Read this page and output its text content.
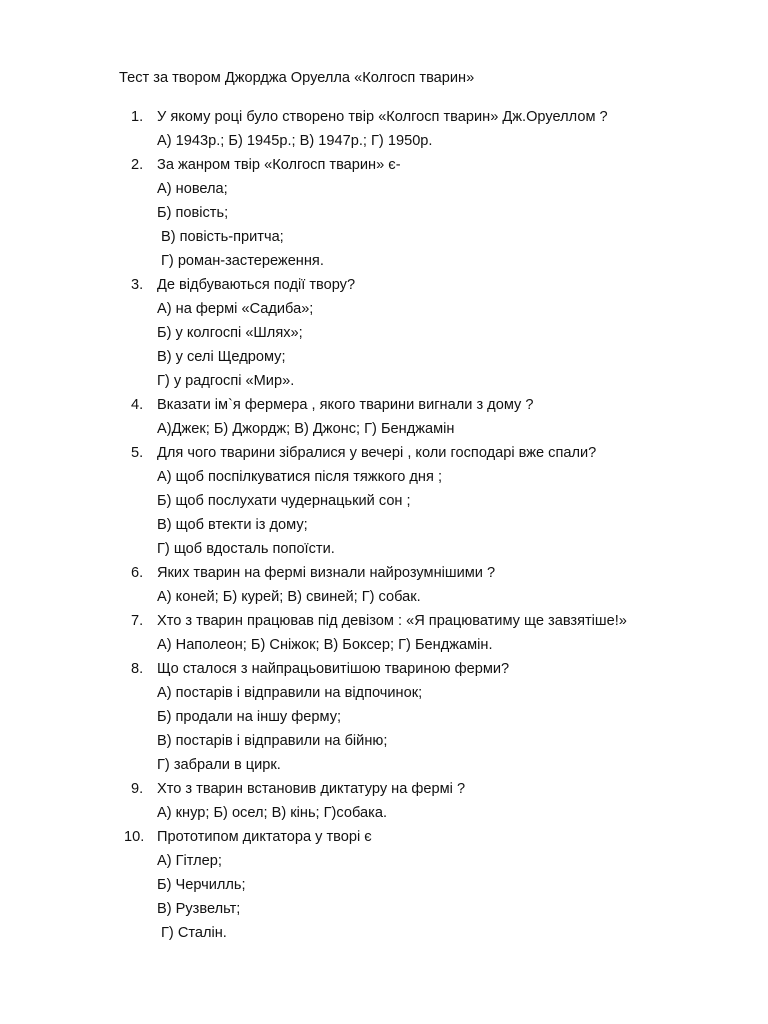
Тест за твором Джорджа Оруелла «Колгосп тварин»
1. У якому році було створено твір «Колгосп тварин» Дж.Оруеллом ?
А) 1943р.; Б) 1945р.; В) 1947р.; Г) 1950р.
2. За жанром твір «Колгосп тварин» є-
А) новела;
Б) повість;
В) повість-притча;
Г) роман-застереження.
3. Де відбуваються події твору?
А) на фермі «Садиба»;
Б) у колгоспі «Шлях»;
В) у селі Щедрому;
Г) у радгоспі «Мир».
4. Вказати ім`я фермера , якого тварини вигнали з дому ?
А)Джек; Б) Джордж; В) Джонс; Г) Бенджамін
5. Для чого тварини зібралися у вечері , коли господарі вже спали?
А) щоб поспілкуватися після тяжкого дня ;
Б) щоб послухати чудернацький сон ;
В) щоб втекти із дому;
Г) щоб вдосталь попоїсти.
6. Яких тварин на фермі визнали найрозумнішими ?
А) коней; Б) курей; В) свиней; Г) собак.
7. Хто з тварин працював під девізом : «Я працюватиму ще завзятіше!»
А) Наполеон; Б) Сніжок; В) Боксер; Г) Бенджамін.
8. Що сталося з найпрацьовитішою твариною ферми?
А) постарів і відправили на відпочинок;
Б) продали на іншу ферму;
В) постарів і відправили на бійню;
Г) забрали в цирк.
9. Хто з тварин встановив диктатуру на фермі ?
А) кнур; Б) осел; В) кінь; Г)собака.
10. Прототипом диктатора у творі є
А) Гітлер;
Б) Черчилль;
В) Рузвельт;
Г) Сталін.
